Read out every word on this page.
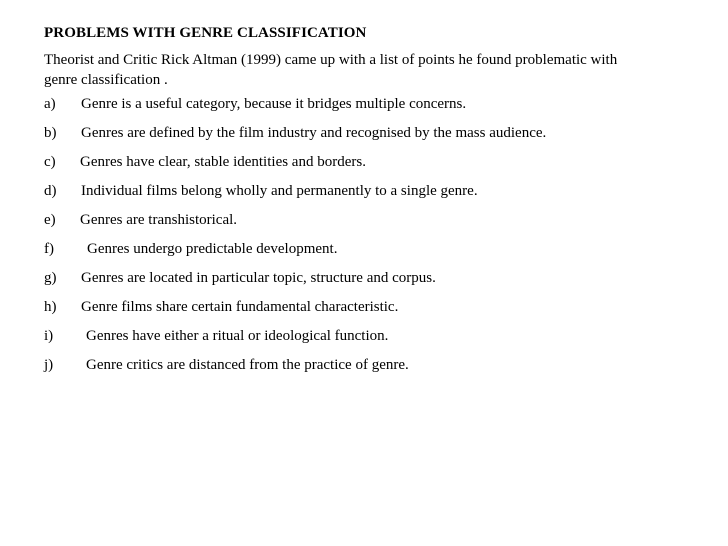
PROBLEMS WITH GENRE CLASSIFICATION
Theorist and Critic Rick Altman (1999) came up with a list of points he found problematic with genre classification .
a)	Genre is a useful category, because it bridges multiple concerns.
b)	Genres are defined by the film industry and recognised by the mass audience.
c)	Genres have clear, stable identities and borders.
d)	Individual films belong wholly and permanently to a single genre.
e)	Genres are transhistorical.
f)	Genres undergo predictable development.
g)	Genres are located in particular topic, structure and corpus.
h)	Genre films share certain fundamental characteristic.
i)	Genres have either a ritual or ideological function.
j)	Genre critics are distanced from the practice of genre.
